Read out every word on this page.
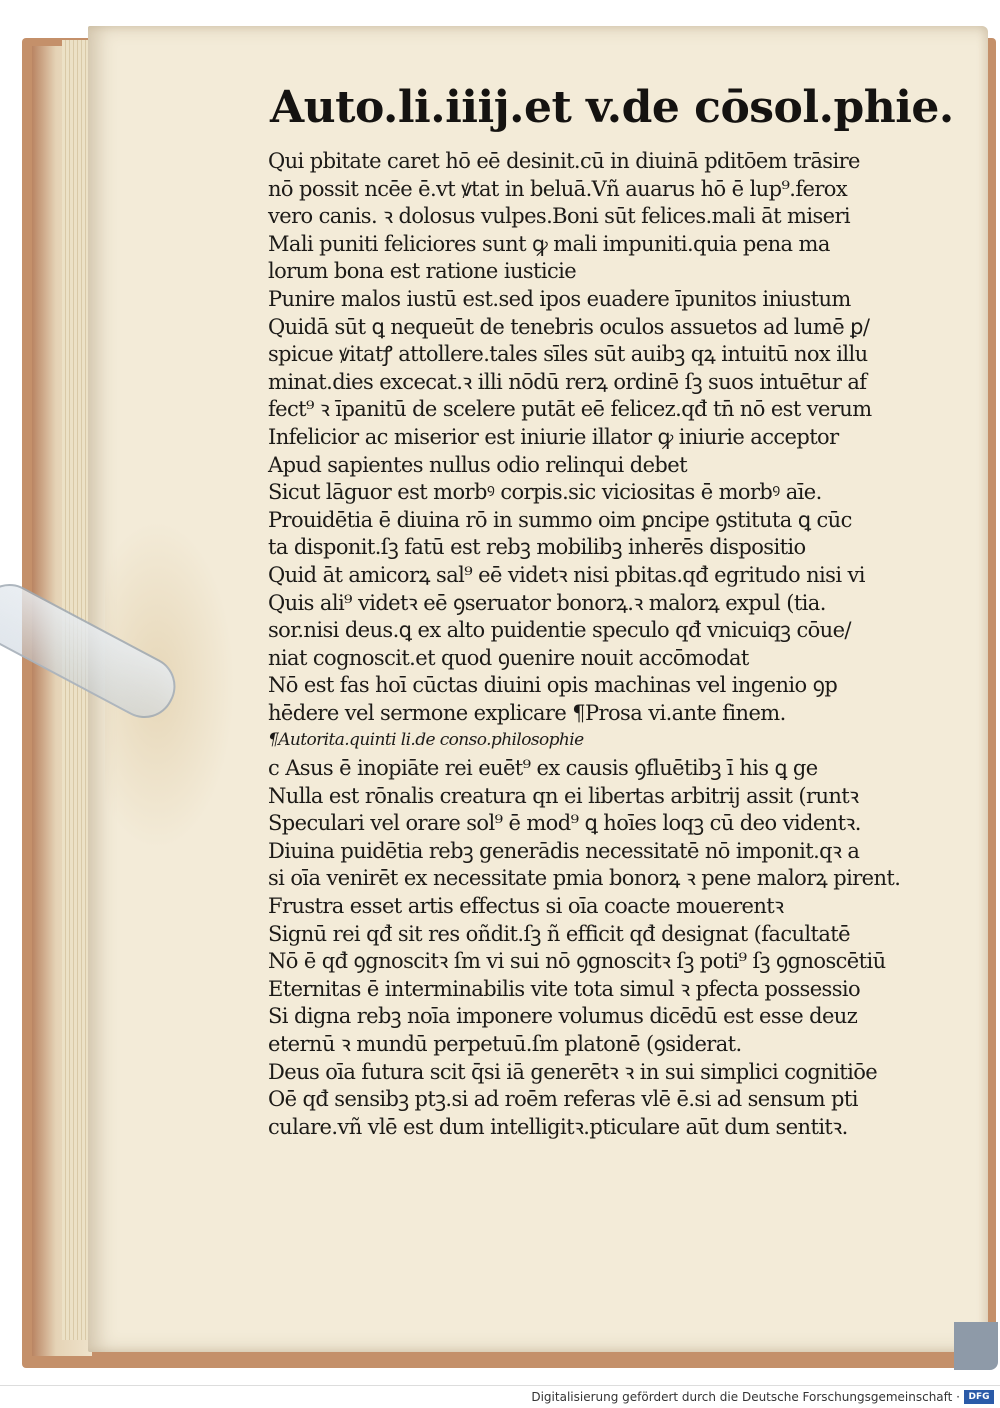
Auto.li.iiij.et v.de cōsol.phie.
Qui pbitate caret hō eē desinit.cū in diuinā pditōem trāsire
nō possit ncēe ē.vt ꝟtat in beluā.Vñ auarus hō ē lup⁹.ferox
vero canis. ꝛ dolosus vulpes.Boni sūt felices.mali āt miseri
Mali puniti feliciores sunt ꝙ mali impuniti.quia pena ma
lorum bona est ratione iusticie
Punire malos iustū est.sed ipos euadere īpunitos iniustum
Quidā sūt ꝗ nequeūt de tenebris oculos assuetos ad lumē ꝑ/
spicue ꝟitatꝭ attollere.tales sīles sūt auibꝫ qꝝ intuitū nox illu
minat.dies excecat.ꝛ illi nōdū rerꝝ ordinē ſꝫ suos intuētur af
fect⁹ ꝛ īpanitū de scelere putāt eē felicez.qđ tn̄ nō est verum
Infelicior ac miserior est iniurie illator ꝙ iniurie acceptor
Apud sapientes nullus odio relinqui debet
Sicut lāguor est morbꝰ corpis.sic viciositas ē morbꝰ aīe.
Prouidētia ē diuina rō in summo oim ꝑncipe ꝯstituta ꝗ cūc
ta disponit.ſꝫ fatū est rebꝫ mobilibꝫ inherēs dispositio
Quid āt amicorꝝ sal⁹ eē videtꝛ nisi pbitas.qđ egritudo nisi vi
Quis ali⁹ videtꝛ eē ꝯseruator bonorꝝ.ꝛ malorꝝ expul (tia.
sor.nisi deus.ꝗ ex alto puidentie speculo qđ vnicuiqꝫ cōue/
niat cognoscit.et quod ꝯuenire nouit accōmodat
Nō est fas hoī cūctas diuini opis machinas vel ingenio ꝯp
hēdere vel sermone explicare ¶Prosa vi.ante finem.
¶Autorita.quinti li.de conso.philosophie
c Asus ē inopiāte rei euēt⁹ ex causis ꝯfluētibꝫ ī his ꝗ ge
Nulla est rōnalis creatura qn ei libertas arbitrij assit (runtꝛ
Speculari vel orare sol⁹ ē mod⁹ ꝗ hoīes loqꝫ cū deo videntꝛ.
Diuina puidētia rebꝫ generādis necessitatē nō imponit.qꝛ a
si oīa venirēt ex necessitate pmia bonorꝝ ꝛ pene malorꝝ pirent.
Frustra esset artis effectus si oīa coacte mouerentꝛ
Signū rei qđ sit res oñdit.ſꝫ ñ efficit qđ designat (facultatē
Nō ē qđ ꝯgnoscitꝛ ſm vi sui nō ꝯgnoscitꝛ ſꝫ poti⁹ ſꝫ ꝯgnoscētiū
Eternitas ē interminabilis vite tota simul ꝛ pfecta possessio
Si digna rebꝫ noīa imponere volumus dicēdū est esse deuz
eternū ꝛ mundū perpetuū.ſm platonē (ꝯsiderat.
Deus oīa futura scit q̄si iā generētꝛ ꝛ in sui simplici cognitiōe
Oē qđ sensibꝫ ptꝫ.si ad roēm referas vlē ē.si ad sensum pti
culare.vñ vlē est dum intelligitꝛ.pticulare aūt dum sentitꝛ.
Digitalisierung gefördert durch die Deutsche Forschungsgemeinschaft · DFG
